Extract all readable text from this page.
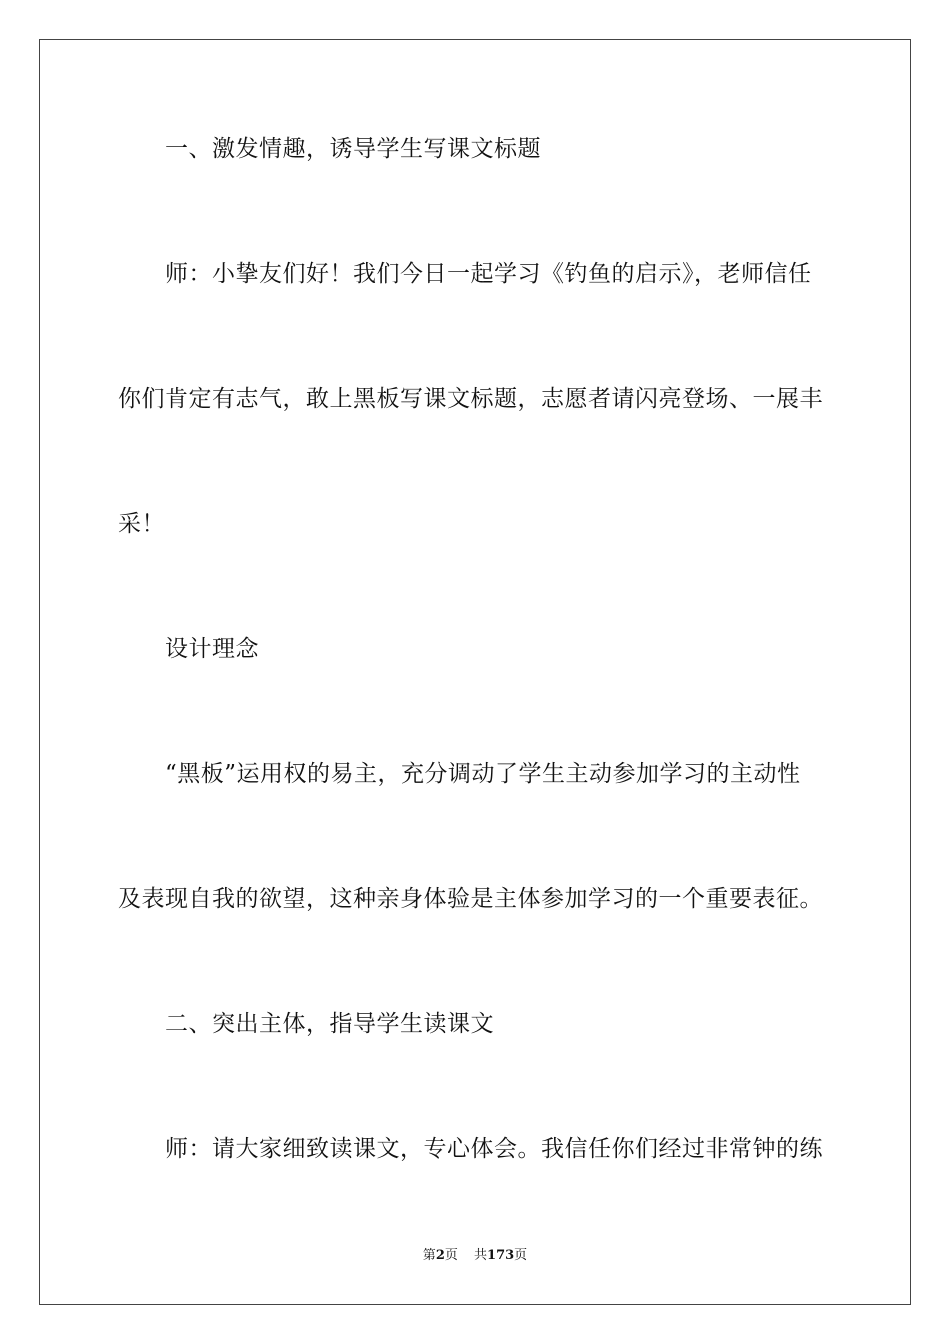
一、激发情趣，诱导学生写课文标题
师：小挚友们好！我们今日一起学习《钓鱼的启示》，老师信任
你们肯定有志气，敢上黑板写课文标题，志愿者请闪亮登场、一展丰
采！
设计理念
“黑板”运用权的易主，充分调动了学生主动参加学习的主动性
及表现自我的欲望，这种亲身体验是主体参加学习的一个重要表征。
二、突出主体，指导学生读课文
师：请大家细致读课文，专心体会。我信任你们经过非常钟的练
第2页 共173页
